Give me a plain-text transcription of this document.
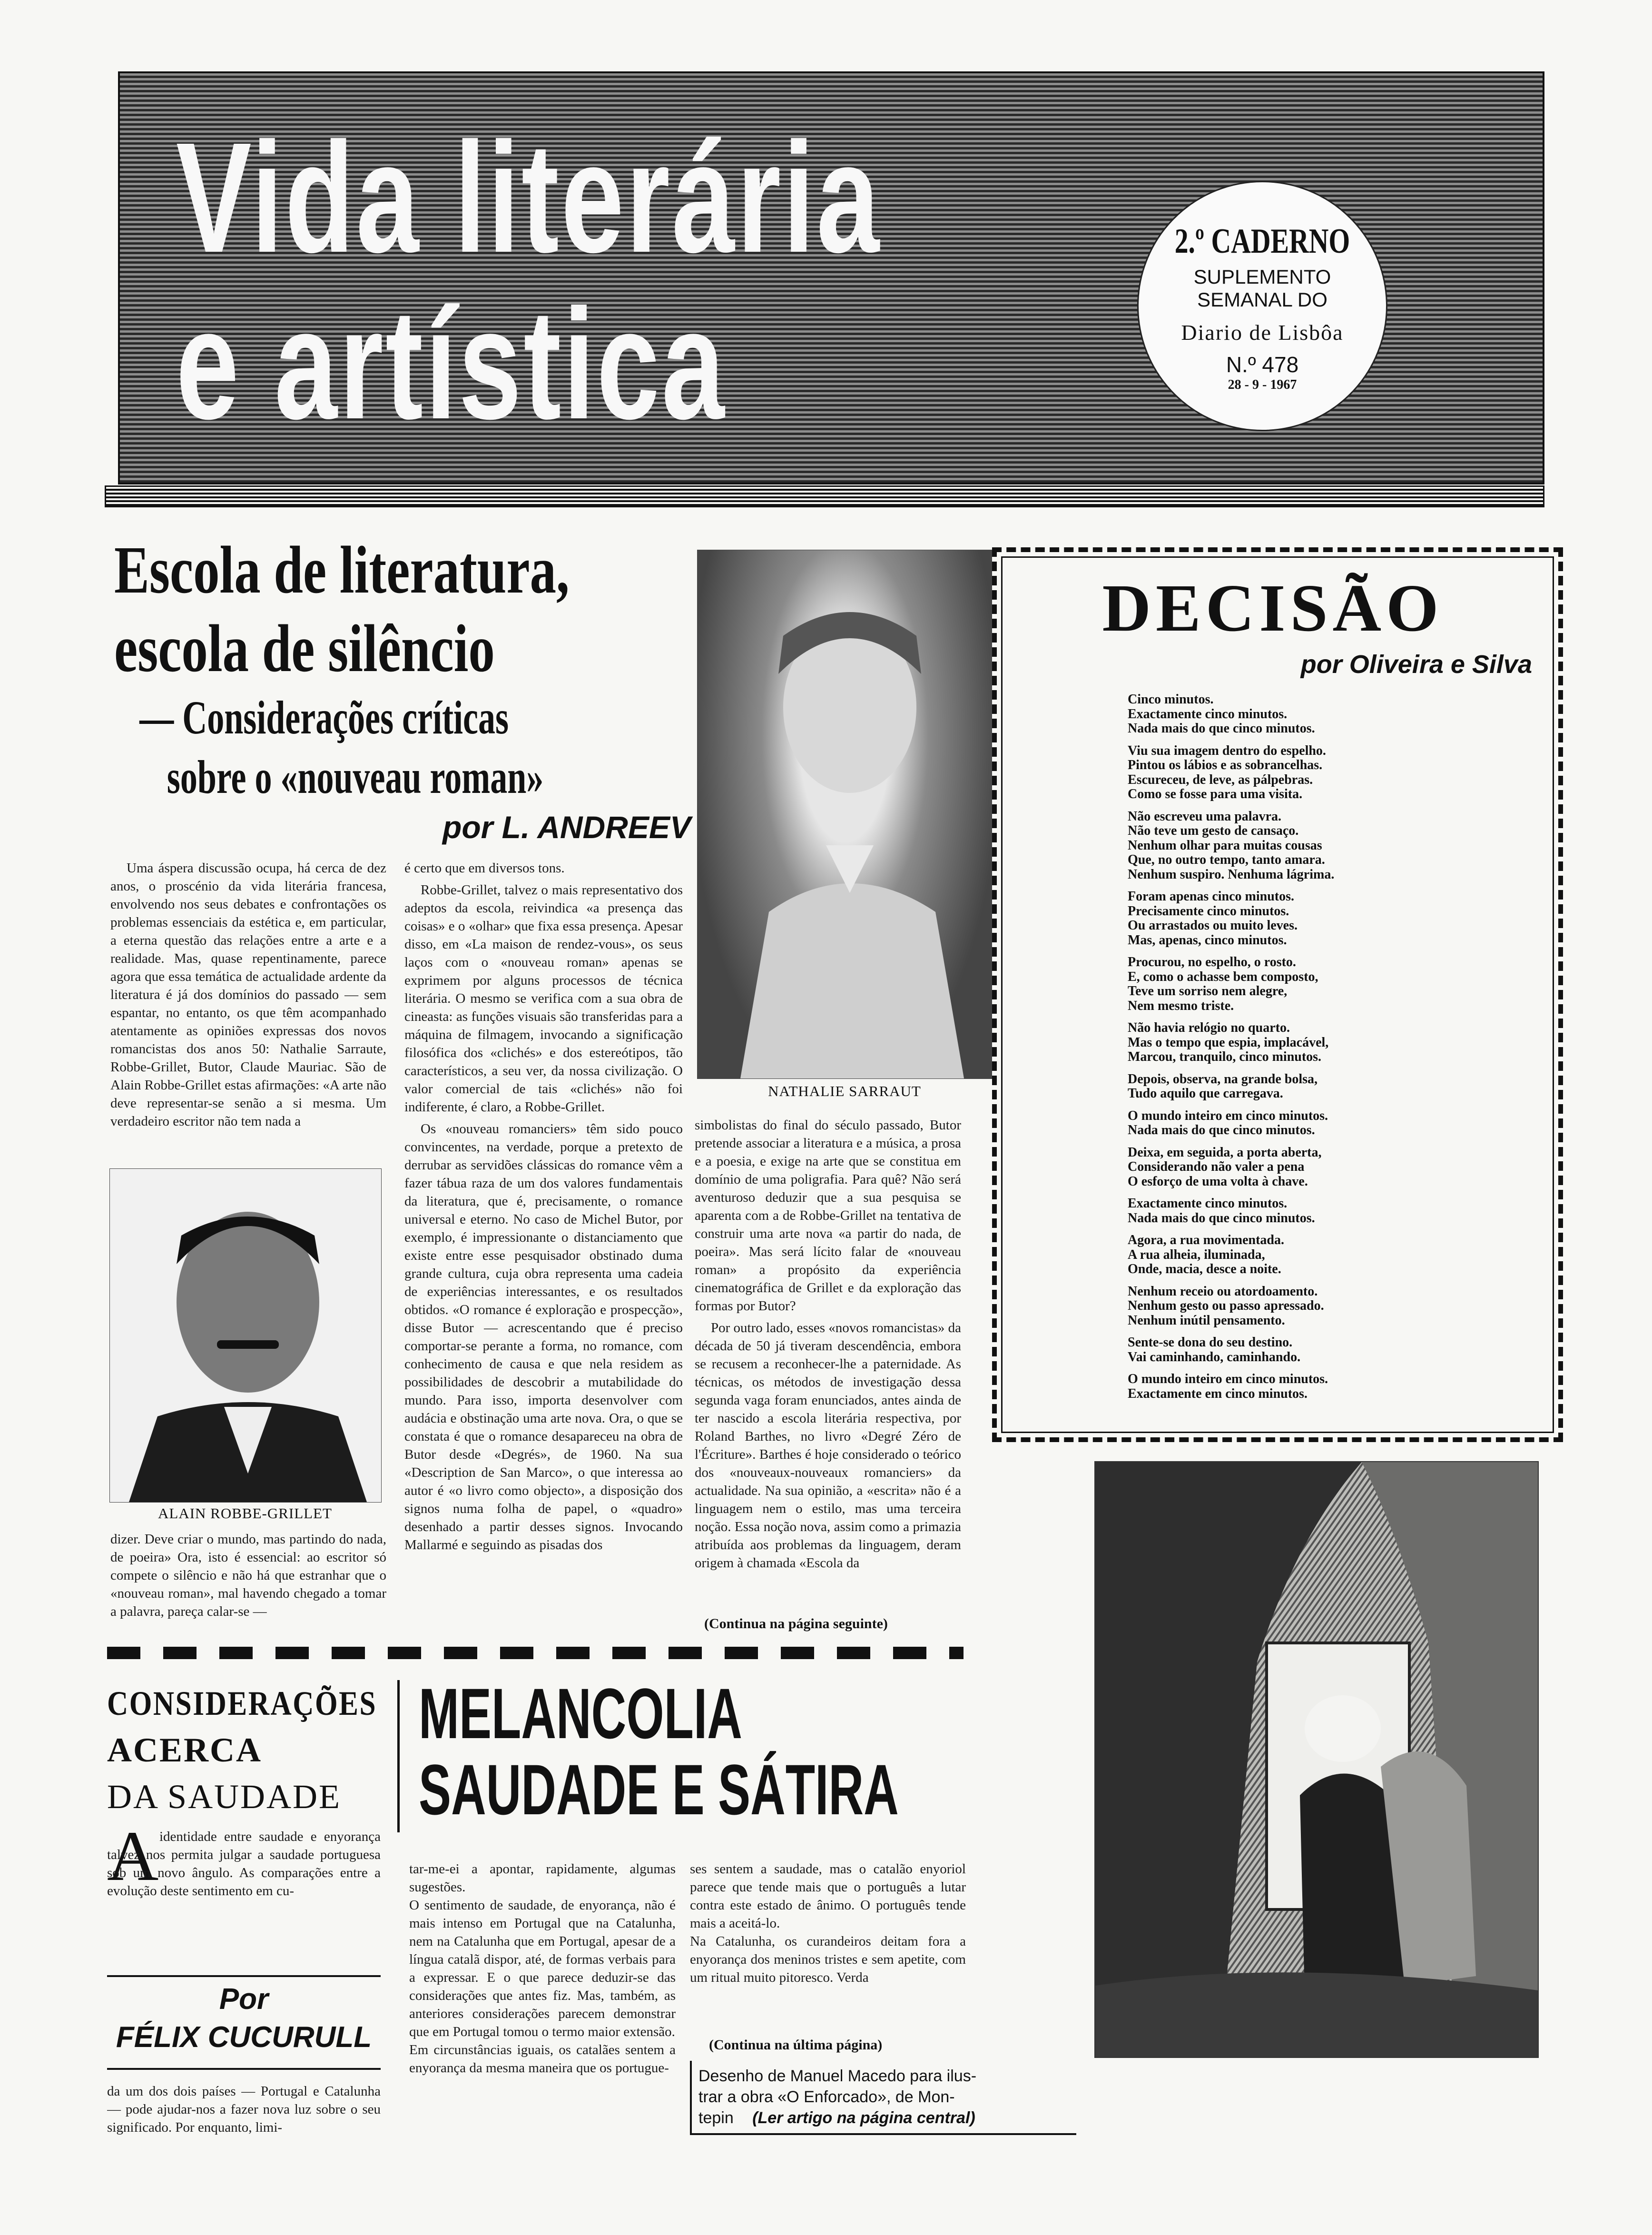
Vida literária
e artística
2.º CADERNO
SUPLEMENTO
SEMANAL DO
Diario de Lisbôa
N.º 478
28 - 9 - 1967
Escola de literatura,
escola de silêncio
— Considerações críticas
sobre o «nouveau roman»
por L. ANDREEV
NATHALIE SARRAUT
ALAIN ROBBE-GRILLET

Uma áspera discussão ocupa, há cerca de dez anos, o proscénio da vida literária francesa, envolvendo nos seus debates e confrontações os problemas essenciais da estética e, em particular, a eterna questão das relações entre a arte e a realidade. Mas, quase repentinamente, parece agora que essa temática de actualidade ardente da literatura é já dos domínios do passado — sem espantar, no entanto, os que têm acompanhado atentamente as opiniões expressas dos novos romancistas dos anos 50: Nathalie Sarraute, Robbe-Grillet, Butor, Claude Mauriac. São de Alain Robbe-Grillet estas afirmações: «A arte não deve representar-se senão a si mesma. Um verdadeiro escritor não tem nada a

dizer. Deve criar o mundo, mas partindo do nada, de poeira» Ora, isto é essencial: ao escritor só compete o silêncio e não há que estranhar que o «nouveau roman», mal havendo chegado a tomar a palavra, pareça calar-se —

é certo que em diversos tons.

Robbe-Grillet, talvez o mais representativo dos adeptos da escola, reivindica «a presença das coisas» e o «olhar» que fixa essa presença. Apesar disso, em «La maison de rendez-vous», os seus laços com o «nouveau roman» apenas se exprimem por alguns processos de técnica literária. O mesmo se verifica com a sua obra de cineasta: as funções visuais são transferidas para a máquina de filmagem, invocando a significação filosófica dos «clichés» e dos estereótipos, tão característicos, a seu ver, da nossa civilização. O valor comercial de tais «clichés» não foi indiferente, é claro, a Robbe-Grillet.

Os «nouveau romanciers» têm sido pouco convincentes, na verdade, porque a pretexto de derrubar as servidões clássicas do romance vêm a fazer tábua raza de um dos valores fundamentais da literatura, que é, precisamente, o romance universal e eterno. No caso de Michel Butor, por exemplo, é impressionante o distanciamento que existe entre esse pesquisador obstinado duma grande cultura, cuja obra representa uma cadeia de experiências interessantes, e os resultados obtidos. «O romance é exploração e prospecção», disse Butor — acrescentando que é preciso comportar-se perante a forma, no romance, com conhecimento de causa e que nela residem as possibilidades de descobrir a mutabilidade do mundo. Para isso, importa desenvolver com audácia e obstinação uma arte nova. Ora, o que se constata é que o romance desapareceu na obra de Butor desde «Degrés», de 1960. Na sua «Description de San Marco», o que interessa ao autor é «o livro como objecto», a disposição dos signos numa folha de papel, o «quadro» desenhado a partir desses signos. Invocando Mallarmé e seguindo as pisadas dos

simbolistas do final do século passado, Butor pretende associar a literatura e a música, a prosa e a poesia, e exige na arte que se constitua em domínio de uma poligrafia. Para quê? Não será aventuroso deduzir que a sua pesquisa se aparenta com a de Robbe-Grillet na tentativa de construir uma arte nova «a partir do nada, de poeira». Mas será lícito falar de «nouveau roman» a propósito da experiência cinematográfica de Grillet e da exploração das formas por Butor?

Por outro lado, esses «novos romancistas» da década de 50 já tiveram descendência, embora se recusem a reconhecer-lhe a paternidade. As técnicas, os métodos de investigação dessa segunda vaga foram enunciados, antes ainda de ter nascido a escola literária respectiva, por Roland Barthes, no livro «Degré Zéro de l'Écriture». Barthes é hoje considerado o teórico dos «nouveaux-nouveaux romanciers» da actualidade. Na sua opinião, a «escrita» não é a linguagem nem o estilo, mas uma terceira noção. Essa noção nova, assim como a primazia atribuída aos problemas da linguagem, deram origem à chamada «Escola da

(Continua na página seguinte)
DECISÃO
por Oliveira e Silva
Cinco minutos.
Exactamente cinco minutos.
Nada mais do que cinco minutos.
Viu sua imagem dentro do espelho.
Pintou os lábios e as sobrancelhas.
Escureceu, de leve, as pálpebras.
Como se fosse para uma visita.
Não escreveu uma palavra.
Não teve um gesto de cansaço.
Nenhum olhar para muitas cousas
Que, no outro tempo, tanto amara.
Nenhum suspiro. Nenhuma lágrima.
Foram apenas cinco minutos.
Precisamente cinco minutos.
Ou arrastados ou muito leves.
Mas, apenas, cinco minutos.
Procurou, no espelho, o rosto.
E, como o achasse bem composto,
Teve um sorriso nem alegre,
Nem mesmo triste.
Não havia relógio no quarto.
Mas o tempo que espia, implacável,
Marcou, tranquilo, cinco minutos.
Depois, observa, na grande bolsa,
Tudo aquilo que carregava.
O mundo inteiro em cinco minutos.
Nada mais do que cinco minutos.
Deixa, em seguida, a porta aberta,
Considerando não valer a pena
O esforço de uma volta à chave.
Exactamente cinco minutos.
Nada mais do que cinco minutos.
Agora, a rua movimentada.
A rua alheia, iluminada,
Onde, macia, desce a noite.
Nenhum receio ou atordoamento.
Nenhum gesto ou passo apressado.
Nenhum inútil pensamento.
Sente-se dona do seu destino.
Vai caminhando, caminhando.
O mundo inteiro em cinco minutos.
Exactamente em cinco minutos.
CONSIDERAÇÕES
ACERCA
DA SAUDADE
A identidade entre saudade e enyorança talvez nos permita julgar a saudade portuguesa sob um novo ângulo. As comparações entre a evolução deste sentimento em cu-

Por
FÉLIX CUCURULL

da um dos dois países — Portugal e Catalunha — pode ajudar-nos a fazer nova luz sobre o seu significado. Por enquanto, limi-

MELANCOLIA
SAUDADE E SÁTIRA

tar-me-ei a apontar, rapidamente, algumas sugestões.
O sentimento de saudade, de enyorança, não é mais intenso em Portugal que na Catalunha, nem na Catalunha que em Portugal, apesar de a língua catalã dispor, até, de formas verbais para a expressar. E o que parece deduzir-se das considerações que antes fiz. Mas, também, as anteriores considerações parecem demonstrar que em Portugal tomou o termo maior extensão.
Em circunstâncias iguais, os catalães sentem a enyorança da mesma maneira que os portugue-

ses sentem a saudade, mas o catalão enyoriol parece que tende mais que o português a lutar contra este estado de ânimo. O português tende mais a aceitá-lo.
Na Catalunha, os curandeiros deitam fora a enyorança dos meninos tristes e sem apetite, com um ritual muito pitoresco. Verda

(Continua na última página)
Desenho de Manuel Macedo para ilus-
trar a obra «O Enforcado», de Mon-
tepin (Ler artigo na página central)
